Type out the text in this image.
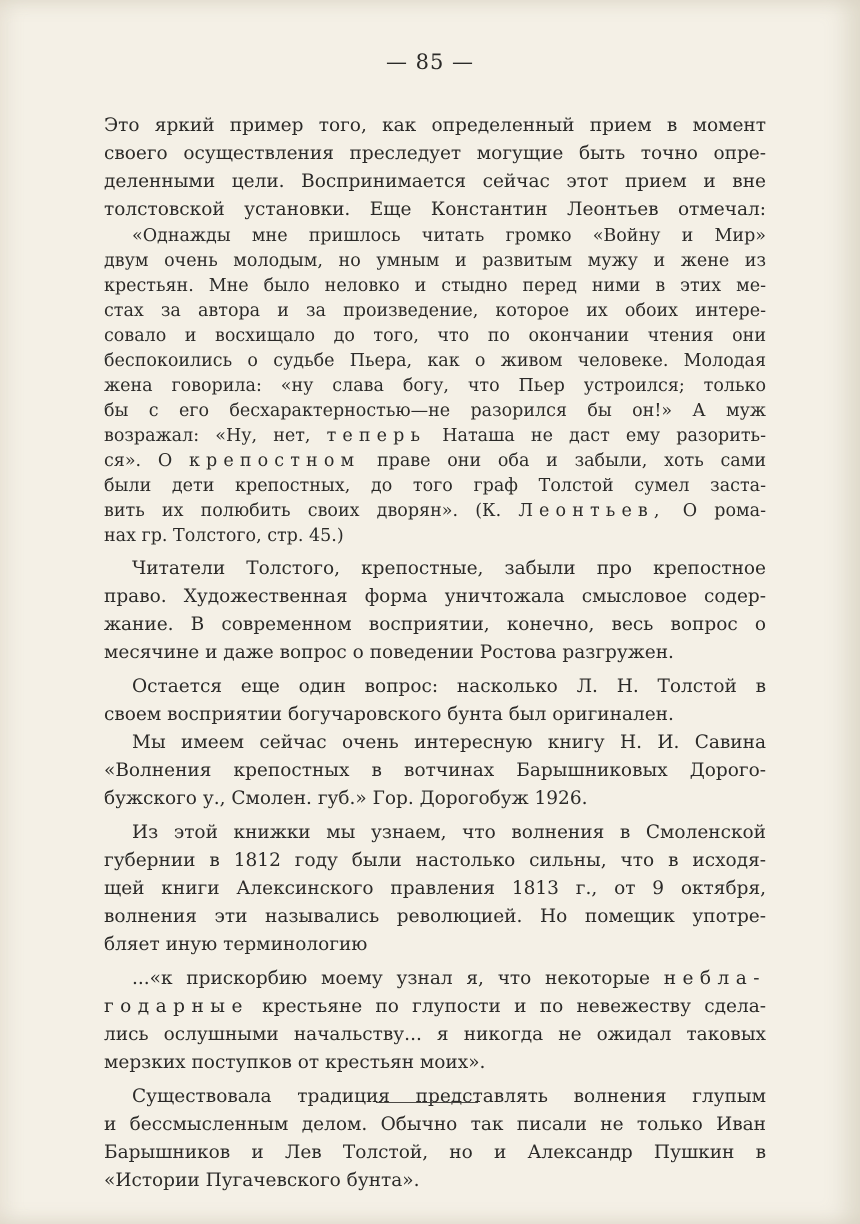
— 85 —
Это яркий пример того, как определенный прием в момент
своего осуществления преследует могущие быть точно опре-
деленными цели. Воспринимается сейчас этот прием и вне
толстовской установки. Еще Константин Леонтьев отмечал:
«Однажды мне пришлось читать громко «Войну и Мир»
двум очень молодым, но умным и развитым мужу и жене из
крестьян. Мне было неловко и стыдно перед ними в этих ме-
стах за автора и за произведение, которое их обоих интере-
совало и восхищало до того, что по окончании чтения они
беспокоились о судьбе Пьера, как о живом человеке. Молодая
жена говорила: «ну слава богу, что Пьер устроился; только
бы с его бесхарактерностью—не разорился бы он!» А муж
возражал: «Ну, нет, теперь Наташа не даст ему разорить-
ся». О крепостном праве они оба и забыли, хоть сами
были дети крепостных, до того граф Толстой сумел заста-
вить их полюбить своих дворян». (К. Леонтьев, О рома-
нах гр. Толстого, стр. 45.)
Читатели Толстого, крепостные, забыли про крепостное
право. Художественная форма уничтожала смысловое содер-
жание. В современном восприятии, конечно, весь вопрос о
месячине и даже вопрос о поведении Ростова разгружен.
Остается еще один вопрос: насколько Л. Н. Толстой в
своем восприятии богучаровского бунта был оригинален.
Мы имеем сейчас очень интересную книгу Н. И. Савина
«Волнения крепостных в вотчинах Барышниковых Дорого-
бужского у., Смолен. губ.» Гор. Дорогобуж 1926.
Из этой книжки мы узнаем, что волнения в Смоленской
губернии в 1812 году были настолько сильны, что в исходя-
щей книги Алексинского правления 1813 г., от 9 октября,
волнения эти назывались революцией. Но помещик употре-
бляет иную терминологию
...«к прискорбию моему узнал я, что некоторые небла-
годарные крестьяне по глупости и по невежеству сдела-
лись ослушными начальству... я никогда не ожидал таковых
мерзких поступков от крестьян моих».
Существовала традиция представлять волнения глупым
и бессмысленным делом. Обычно так писали не только Иван
Барышников и Лев Толстой, но и Александр Пушкин в
«Истории Пугачевского бунта».
